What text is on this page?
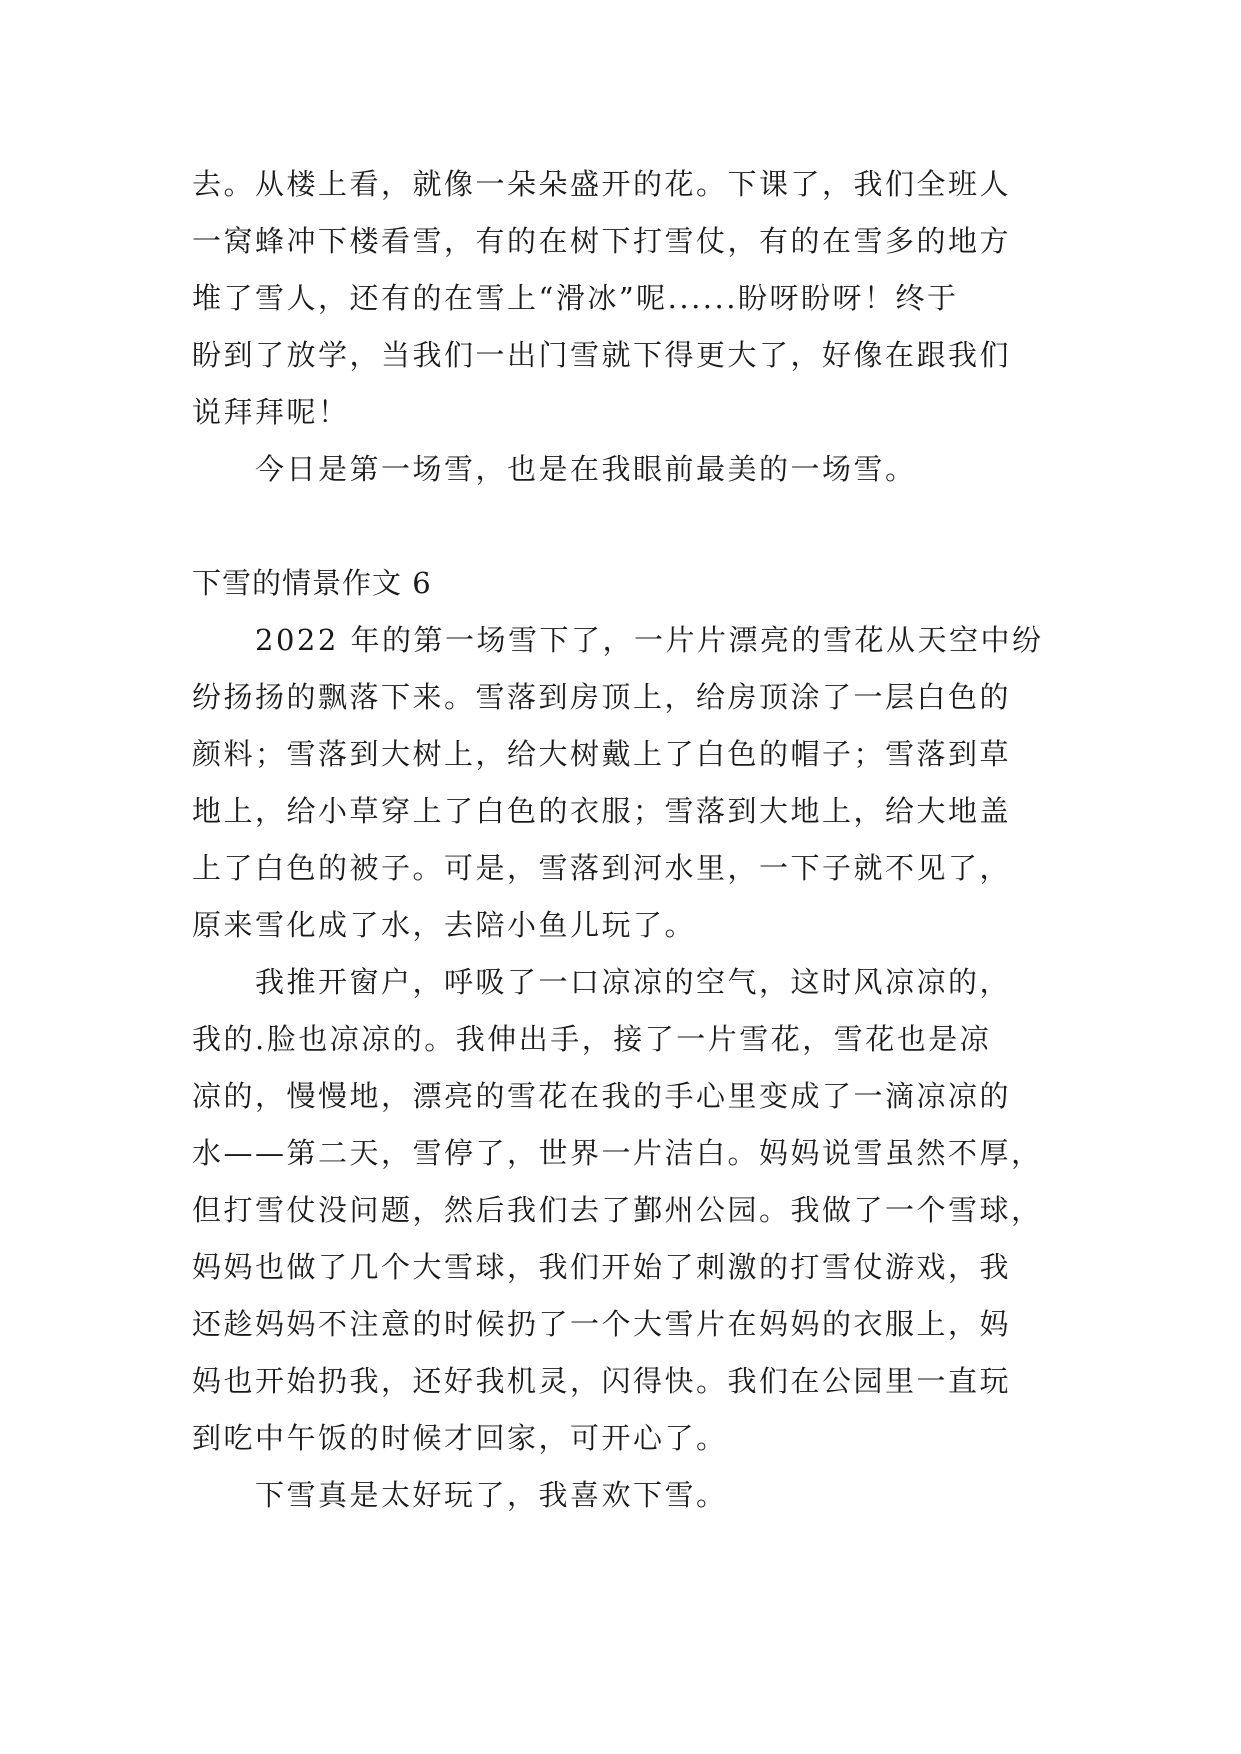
去。从楼上看，就像一朵朵盛开的花。下课了，我们全班人
一窝蜂冲下楼看雪，有的在树下打雪仗，有的在雪多的地方
堆了雪人，还有的在雪上“滑冰”呢......盼呀盼呀！终于
盼到了放学，当我们一出门雪就下得更大了，好像在跟我们
说拜拜呢！
今日是第一场雪，也是在我眼前最美的一场雪。
下雪的情景作文 6
2022 年的第一场雪下了，一片片漂亮的雪花从天空中纷
纷扬扬的飘落下来。雪落到房顶上，给房顶涂了一层白色的
颜料；雪落到大树上，给大树戴上了白色的帽子；雪落到草
地上，给小草穿上了白色的衣服；雪落到大地上，给大地盖
上了白色的被子。可是，雪落到河水里，一下子就不见了，
原来雪化成了水，去陪小鱼儿玩了。
我推开窗户，呼吸了一口凉凉的空气，这时风凉凉的，
我的.脸也凉凉的。我伸出手，接了一片雪花，雪花也是凉
凉的，慢慢地，漂亮的雪花在我的手心里变成了一滴凉凉的
水——第二天，雪停了，世界一片洁白。妈妈说雪虽然不厚，
但打雪仗没问题，然后我们去了鄞州公园。我做了一个雪球，
妈妈也做了几个大雪球，我们开始了刺激的打雪仗游戏，我
还趁妈妈不注意的时候扔了一个大雪片在妈妈的衣服上，妈
妈也开始扔我，还好我机灵，闪得快。我们在公园里一直玩
到吃中午饭的时候才回家，可开心了。
下雪真是太好玩了，我喜欢下雪。
